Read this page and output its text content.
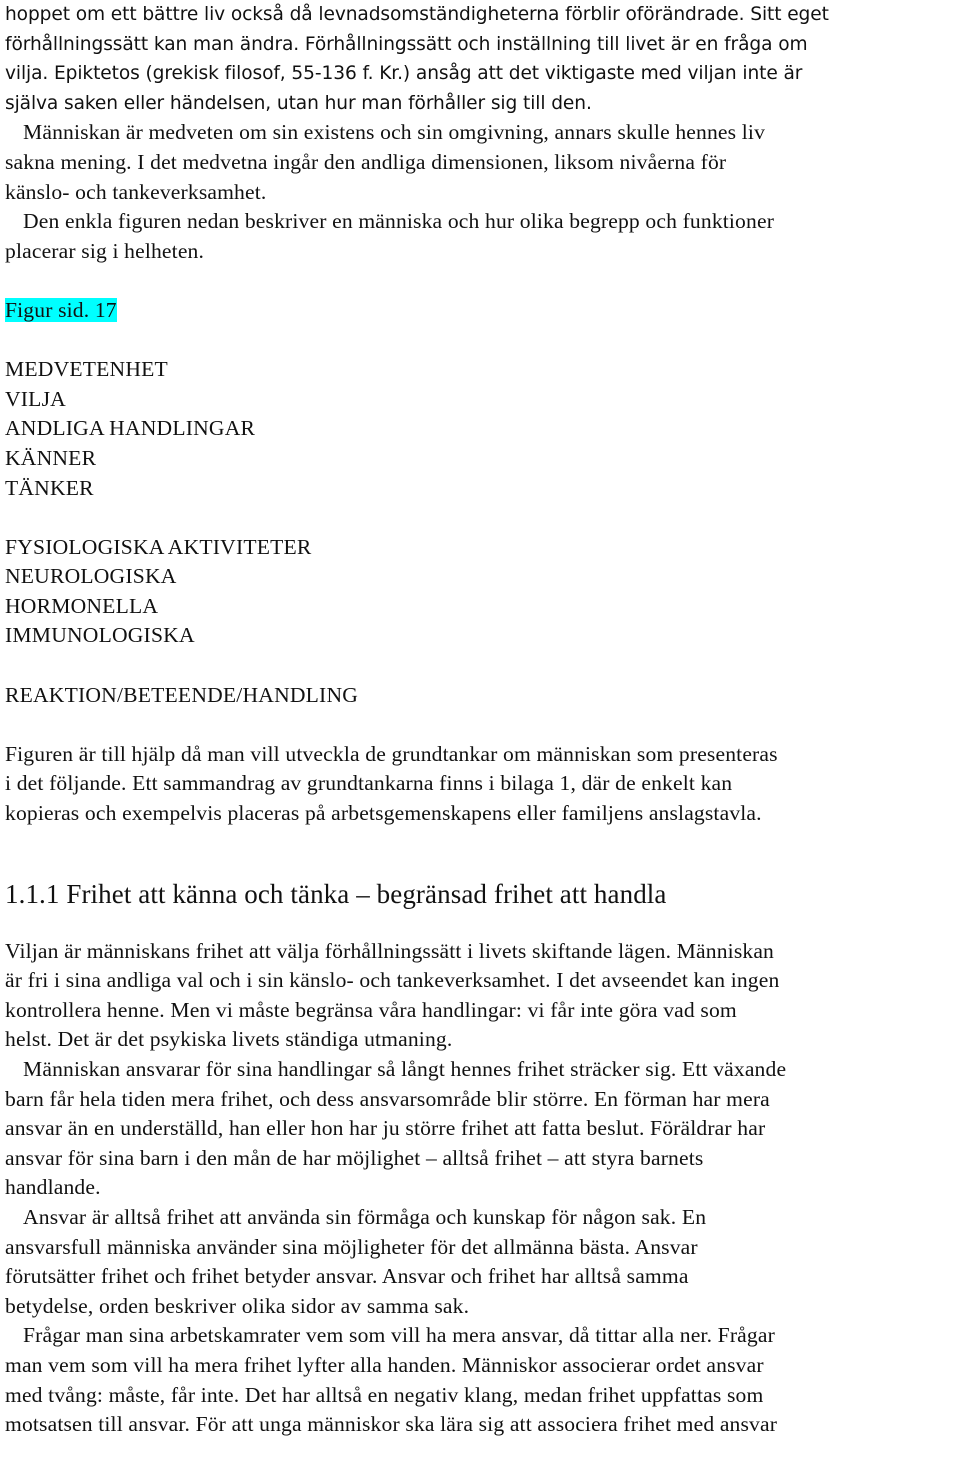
hoppet om ett bättre liv också då levnadsomständigheterna förblir oförändrade. Sitt eget
förhållningssätt kan man ändra. Förhållningssätt och inställning till livet är en fråga om
vilja. Epiktetos (grekisk filosof, 55-136 f. Kr.) ansåg att det viktigaste med viljan inte är
själva saken eller händelsen, utan hur man förhåller sig till den.

Människan är medveten om sin existens och sin omgivning, annars skulle hennes liv
sakna mening. I det medvetna ingår den andliga dimensionen, liksom nivåerna för
känslo- och tankeverksamhet.

Den enkla figuren nedan beskriver en människa och hur olika begrepp och funktioner
placerar sig i helheten.

Figur sid. 17

MEDVETENHET
VILJA
ANDLIGA HANDLINGAR
KÄNNER
TÄNKER
FYSIOLOGISKA AKTIVITETER
NEUROLOGISKA
HORMONELLA
IMMUNOLOGISKA
REAKTION/BETEENDE/HANDLING

Figuren är till hjälp då man vill utveckla de grundtankar om människan som presenteras
i det följande. Ett sammandrag av grundtankarna finns i bilaga 1, där de enkelt kan
kopieras och exempelvis placeras på arbetsgemenskapens eller familjens anslagstavla.

1.1.1 Frihet att känna och tänka – begränsad frihet att handla

Viljan är människans frihet att välja förhållningssätt i livets skiftande lägen. Människan
är fri i sina andliga val och i sin känslo- och tankeverksamhet. I det avseendet kan ingen
kontrollera henne. Men vi måste begränsa våra handlingar: vi får inte göra vad som
helst. Det är det psykiska livets ständiga utmaning.

Människan ansvarar för sina handlingar så långt hennes frihet sträcker sig. Ett växande
barn får hela tiden mera frihet, och dess ansvarsområde blir större. En förman har mera
ansvar än en underställd, han eller hon har ju större frihet att fatta beslut. Föräldrar har
ansvar för sina barn i den mån de har möjlighet – alltså frihet – att styra barnets
handlande.

Ansvar är alltså frihet att använda sin förmåga och kunskap för någon sak. En
ansvarsfull människa använder sina möjligheter för det allmänna bästa. Ansvar
förutsätter frihet och frihet betyder ansvar. Ansvar och frihet har alltså samma
betydelse, orden beskriver olika sidor av samma sak.

Frågar man sina arbetskamrater vem som vill ha mera ansvar, då tittar alla ner. Frågar
man vem som vill ha mera frihet lyfter alla handen. Människor associerar ordet ansvar
med tvång: måste, får inte. Det har alltså en negativ klang, medan frihet uppfattas som
motsatsen till ansvar. För att unga människor ska lära sig att associera frihet med ansvar
